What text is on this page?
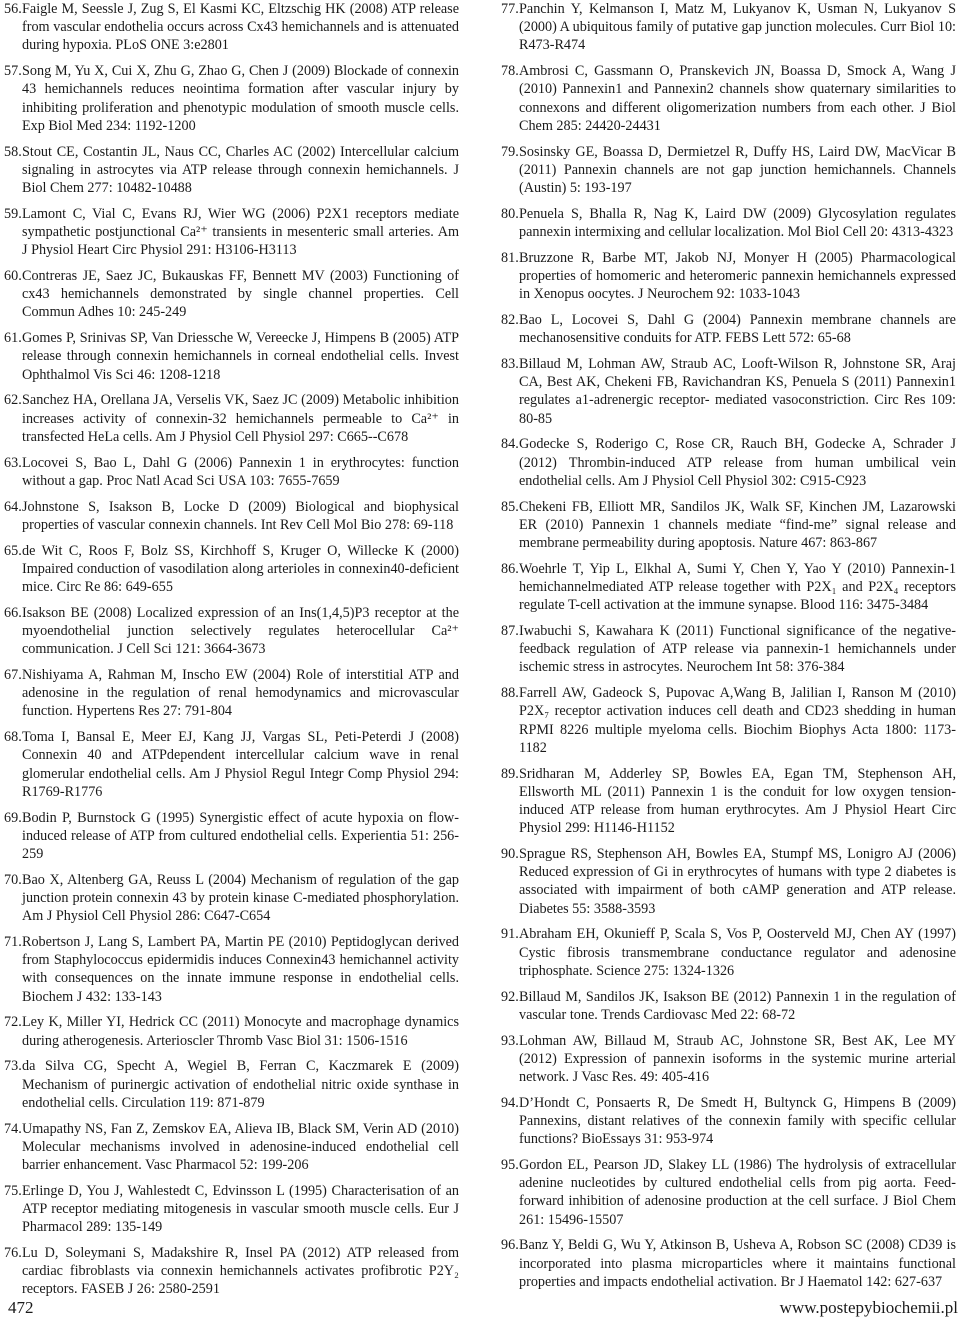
56. Faigle M, Seessle J, Zug S, El Kasmi KC, Eltzschig HK (2008) ATP release from vascular endothelia occurs across Cx43 hemichannels and is attenuated during hypoxia. PLoS ONE 3:e2801
57. Song M, Yu X, Cui X, Zhu G, Zhao G, Chen J (2009) Blockade of connexin 43 hemichannels reduces neointima formation after vascular injury by inhibiting proliferation and phenotypic modulation of smooth muscle cells. Exp Biol Med 234: 1192-1200
58. Stout CE, Costantin JL, Naus CC, Charles AC (2002) Intercellular calcium signaling in astrocytes via ATP release through connexin hemichannels. J Biol Chem 277: 10482-10488
59. Lamont C, Vial C, Evans RJ, Wier WG (2006) P2X1 receptors mediate sympathetic postjunctional Ca²⁺ transients in mesenteric small arteries. Am J Physiol Heart Circ Physiol 291: H3106-H3113
60. Contreras JE, Saez JC, Bukauskas FF, Bennett MV (2003) Functioning of cx43 hemichannels demonstrated by single channel properties. Cell Commun Adhes 10: 245-249
61. Gomes P, Srinivas SP, Van Driessche W, Vereecke J, Himpens B (2005) ATP release through connexin hemichannels in corneal endothelial cells. Invest Ophthalmol Vis Sci 46: 1208-1218
62. Sanchez HA, Orellana JA, Verselis VK, Saez JC (2009) Metabolic inhibition increases activity of connexin-32 hemichannels permeable to Ca²⁺ in transfected HeLa cells. Am J Physiol Cell Physiol 297: C665--C678
63. Locovei S, Bao L, Dahl G (2006) Pannexin 1 in erythrocytes: function without a gap. Proc Natl Acad Sci USA 103: 7655-7659
64. Johnstone S, Isakson B, Locke D (2009) Biological and biophysical properties of vascular connexin channels. Int Rev Cell Mol Bio 278: 69-118
65. de Wit C, Roos F, Bolz SS, Kirchhoff S, Kruger O, Willecke K (2000) Impaired conduction of vasodilation along arterioles in connexin40-deficient mice. Circ Re 86: 649-655
66. Isakson BE (2008) Localized expression of an Ins(1,4,5)P3 receptor at the myoendothelial junction selectively regulates heterocellular Ca²⁺ communication. J Cell Sci 121: 3664-3673
67. Nishiyama A, Rahman M, Inscho EW (2004) Role of interstitial ATP and adenosine in the regulation of renal hemodynamics and microvascular function. Hypertens Res 27: 791-804
68. Toma I, Bansal E, Meer EJ, Kang JJ, Vargas SL, Peti-Peterdi J (2008) Connexin 40 and ATPdependent intercellular calcium wave in renal glomerular endothelial cells. Am J Physiol Regul Integr Comp Physiol 294: R1769-R1776
69. Bodin P, Burnstock G (1995) Synergistic effect of acute hypoxia on flow-induced release of ATP from cultured endothelial cells. Experientia 51: 256-259
70. Bao X, Altenberg GA, Reuss L (2004) Mechanism of regulation of the gap junction protein connexin 43 by protein kinase C-mediated phosphorylation. Am J Physiol Cell Physiol 286: C647-C654
71. Robertson J, Lang S, Lambert PA, Martin PE (2010) Peptidoglycan derived from Staphylococcus epidermidis induces Connexin43 hemichannel activity with consequences on the innate immune response in endothelial cells. Biochem J 432: 133-143
72. Ley K, Miller YI, Hedrick CC (2011) Monocyte and macrophage dynamics during atherogenesis. Arterioscler Thromb Vasc Biol 31: 1506-1516
73. da Silva CG, Specht A, Wegiel B, Ferran C, Kaczmarek E (2009) Mechanism of purinergic activation of endothelial nitric oxide synthase in endothelial cells. Circulation 119: 871-879
74. Umapathy NS, Fan Z, Zemskov EA, Alieva IB, Black SM, Verin AD (2010) Molecular mechanisms involved in adenosine-induced endothelial cell barrier enhancement. Vasc Pharmacol 52: 199-206
75. Erlinge D, You J, Wahlestedt C, Edvinsson L (1995) Characterisation of an ATP receptor mediating mitogenesis in vascular smooth muscle cells. Eur J Pharmacol 289: 135-149
76. Lu D, Soleymani S, Madakshire R, Insel PA (2012) ATP released from cardiac fibroblasts via connexin hemichannels activates profibrotic P2Y₂ receptors. FASEB J 26: 2580-2591
77. Panchin Y, Kelmanson I, Matz M, Lukyanov K, Usman N, Lukyanov S (2000) A ubiquitous family of putative gap junction molecules. Curr Biol 10: R473-R474
78. Ambrosi C, Gassmann O, Pranskevich JN, Boassa D, Smock A, Wang J (2010) Pannexin1 and Pannexin2 channels show quaternary similarities to connexons and different oligomerization numbers from each other. J Biol Chem 285: 24420-24431
79. Sosinsky GE, Boassa D, Dermietzel R, Duffy HS, Laird DW, MacVicar B (2011) Pannexin channels are not gap junction hemichannels. Channels (Austin) 5: 193-197
80. Penuela S, Bhalla R, Nag K, Laird DW (2009) Glycosylation regulates pannexin intermixing and cellular localization. Mol Biol Cell 20: 4313-4323
81. Bruzzone R, Barbe MT, Jakob NJ, Monyer H (2005) Pharmacological properties of homomeric and heteromeric pannexin hemichannels expressed in Xenopus oocytes. J Neurochem 92: 1033-1043
82. Bao L, Locovei S, Dahl G (2004) Pannexin membrane channels are mechanosensitive conduits for ATP. FEBS Lett 572: 65-68
83. Billaud M, Lohman AW, Straub AC, Looft-Wilson R, Johnstone SR, Araj CA, Best AK, Chekeni FB, Ravichandran KS, Penuela S (2011) Pannexin1 regulates a1-adrenergic receptor- mediated vasoconstriction. Circ Res 109: 80-85
84. Godecke S, Roderigo C, Rose CR, Rauch BH, Godecke A, Schrader J (2012) Thrombin-induced ATP release from human umbilical vein endothelial cells. Am J Physiol Cell Physiol 302: C915-C923
85. Chekeni FB, Elliott MR, Sandilos JK, Walk SF, Kinchen JM, Lazarowski ER (2010) Pannexin 1 channels mediate “find-me” signal release and membrane permeability during apoptosis. Nature 467: 863-867
86. Woehrle T, Yip L, Elkhal A, Sumi Y, Chen Y, Yao Y (2010) Pannexin-1 hemichannelmediated ATP release together with P2X₁ and P2X₄ receptors regulate T-cell activation at the immune synapse. Blood 116: 3475-3484
87. Iwabuchi S, Kawahara K (2011) Functional significance of the negative-feedback regulation of ATP release via pannexin-1 hemichannels under ischemic stress in astrocytes. Neurochem Int 58: 376-384
88. Farrell AW, Gadeock S, Pupovac A,Wang B, Jalilian I, Ranson M (2010) P2X₇ receptor activation induces cell death and CD23 shedding in human RPMI 8226 multiple myeloma cells. Biochim Biophys Acta 1800: 1173-1182
89. Sridharan M, Adderley SP, Bowles EA, Egan TM, Stephenson AH, Ellsworth ML (2011) Pannexin 1 is the conduit for low oxygen tension-induced ATP release from human erythrocytes. Am J Physiol Heart Circ Physiol 299: H1146-H1152
90. Sprague RS, Stephenson AH, Bowles EA, Stumpf MS, Lonigro AJ (2006) Reduced expression of Gi in erythrocytes of humans with type 2 diabetes is associated with impairment of both cAMP generation and ATP release. Diabetes 55: 3588-3593
91. Abraham EH, Okunieff P, Scala S, Vos P, Oosterveld MJ, Chen AY (1997) Cystic fibrosis transmembrane conductance regulator and adenosine triphosphate. Science 275: 1324-1326
92. Billaud M, Sandilos JK, Isakson BE (2012) Pannexin 1 in the regulation of vascular tone. Trends Cardiovasc Med 22: 68-72
93. Lohman AW, Billaud M, Straub AC, Johnstone SR, Best AK, Lee MY (2012) Expression of pannexin isoforms in the systemic murine arterial network. J Vasc Res. 49: 405-416
94. D’Hondt C, Ponsaerts R, De Smedt H, Bultynck G, Himpens B (2009) Pannexins, distant relatives of the connexin family with specific cellular functions? BioEssays 31: 953-974
95. Gordon EL, Pearson JD, Slakey LL (1986) The hydrolysis of extracellular adenine nucleotides by cultured endothelial cells from pig aorta. Feed-forward inhibition of adenosine production at the cell surface. J Biol Chem 261: 15496-15507
96. Banz Y, Beldi G, Wu Y, Atkinson B, Usheva A, Robson SC (2008) CD39 is incorporated into plasma microparticles where it maintains functional properties and impacts endothelial activation. Br J Haematol 142: 627-637
472	www.postepybiochemii.pl
